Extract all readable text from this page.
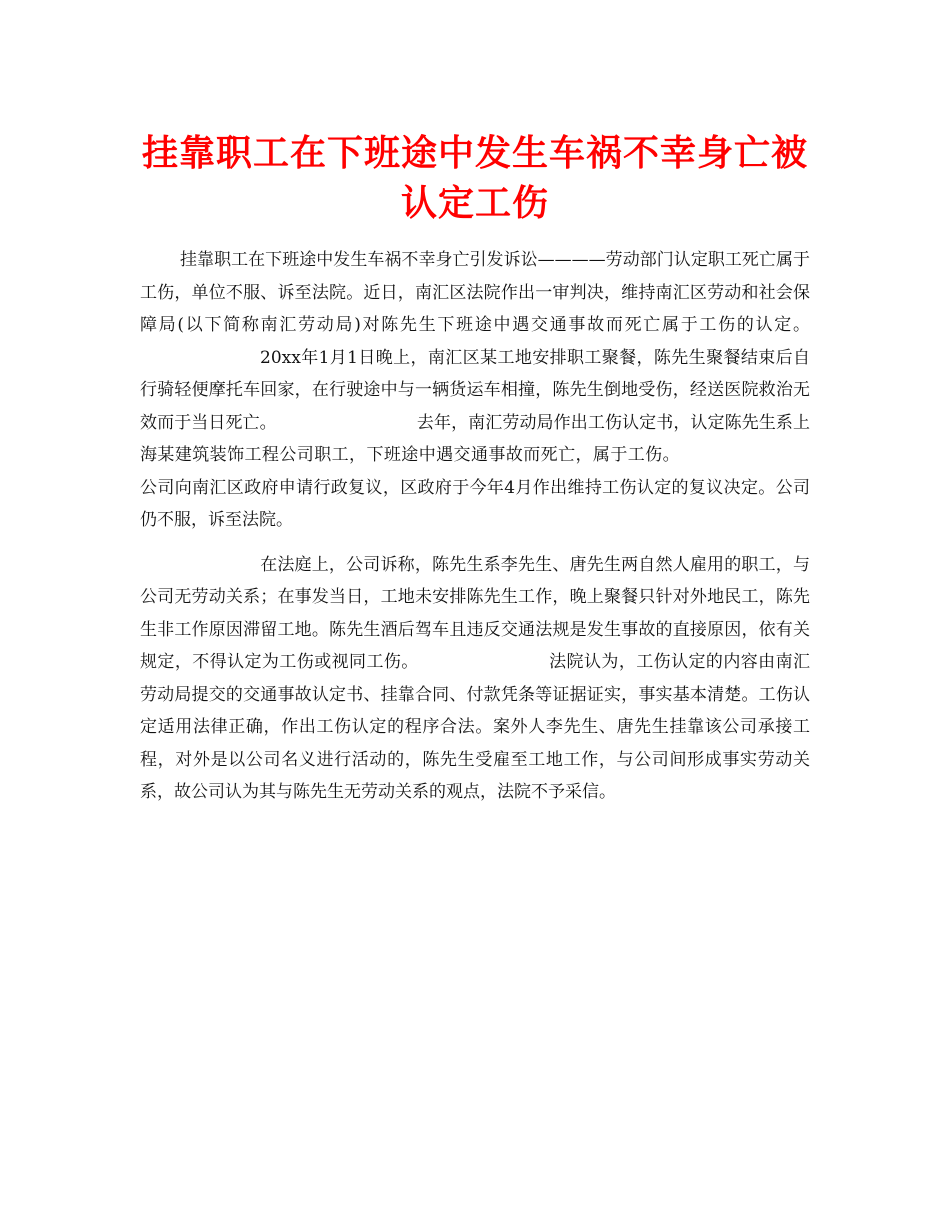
挂靠职工在下班途中发生车祸不幸身亡被认定工伤

挂靠职工在下班途中发生车祸不幸身亡引发诉讼————劳动部门认定职工死亡属于工伤，单位不服、诉至法院。近日，南汇区法院作出一审判决，维持南汇区劳动和社会保障局(以下简称南汇劳动局)对陈先生下班途中遇交通事故而死亡属于工伤的认定。20xx年1月1日晚上，南汇区某工地安排职工聚餐，陈先生聚餐结束后自行骑轻便摩托车回家，在行驶途中与一辆货运车相撞，陈先生倒地受伤，经送医院救治无效而于当日死亡。	去年，南汇劳动局作出工伤认定书，认定陈先生系上海某建筑装饰工程公司职工，下班途中遇交通事故而死亡，属于工伤。公司向南汇区政府申请行政复议，区政府于今年4月作出维持工伤认定的复议决定。公司仍不服，诉至法院。

在法庭上，公司诉称，陈先生系李先生、唐先生两自然人雇用的职工，与公司无劳动关系；在事发当日，工地未安排陈先生工作，晚上聚餐只针对外地民工，陈先生非工作原因滞留工地。陈先生酒后驾车且违反交通法规是发生事故的直接原因，依有关规定，不得认定为工伤或视同工伤。	法院认为，工伤认定的内容由南汇劳动局提交的交通事故认定书、挂靠合同、付款凭条等证据证实，事实基本清楚。工伤认定适用法律正确，作出工伤认定的程序合法。案外人李先生、唐先生挂靠该公司承接工程，对外是以公司名义进行活动的，陈先生受雇至工地工作，与公司间形成事实劳动关系，故公司认为其与陈先生无劳动关系的观点，法院不予采信。
